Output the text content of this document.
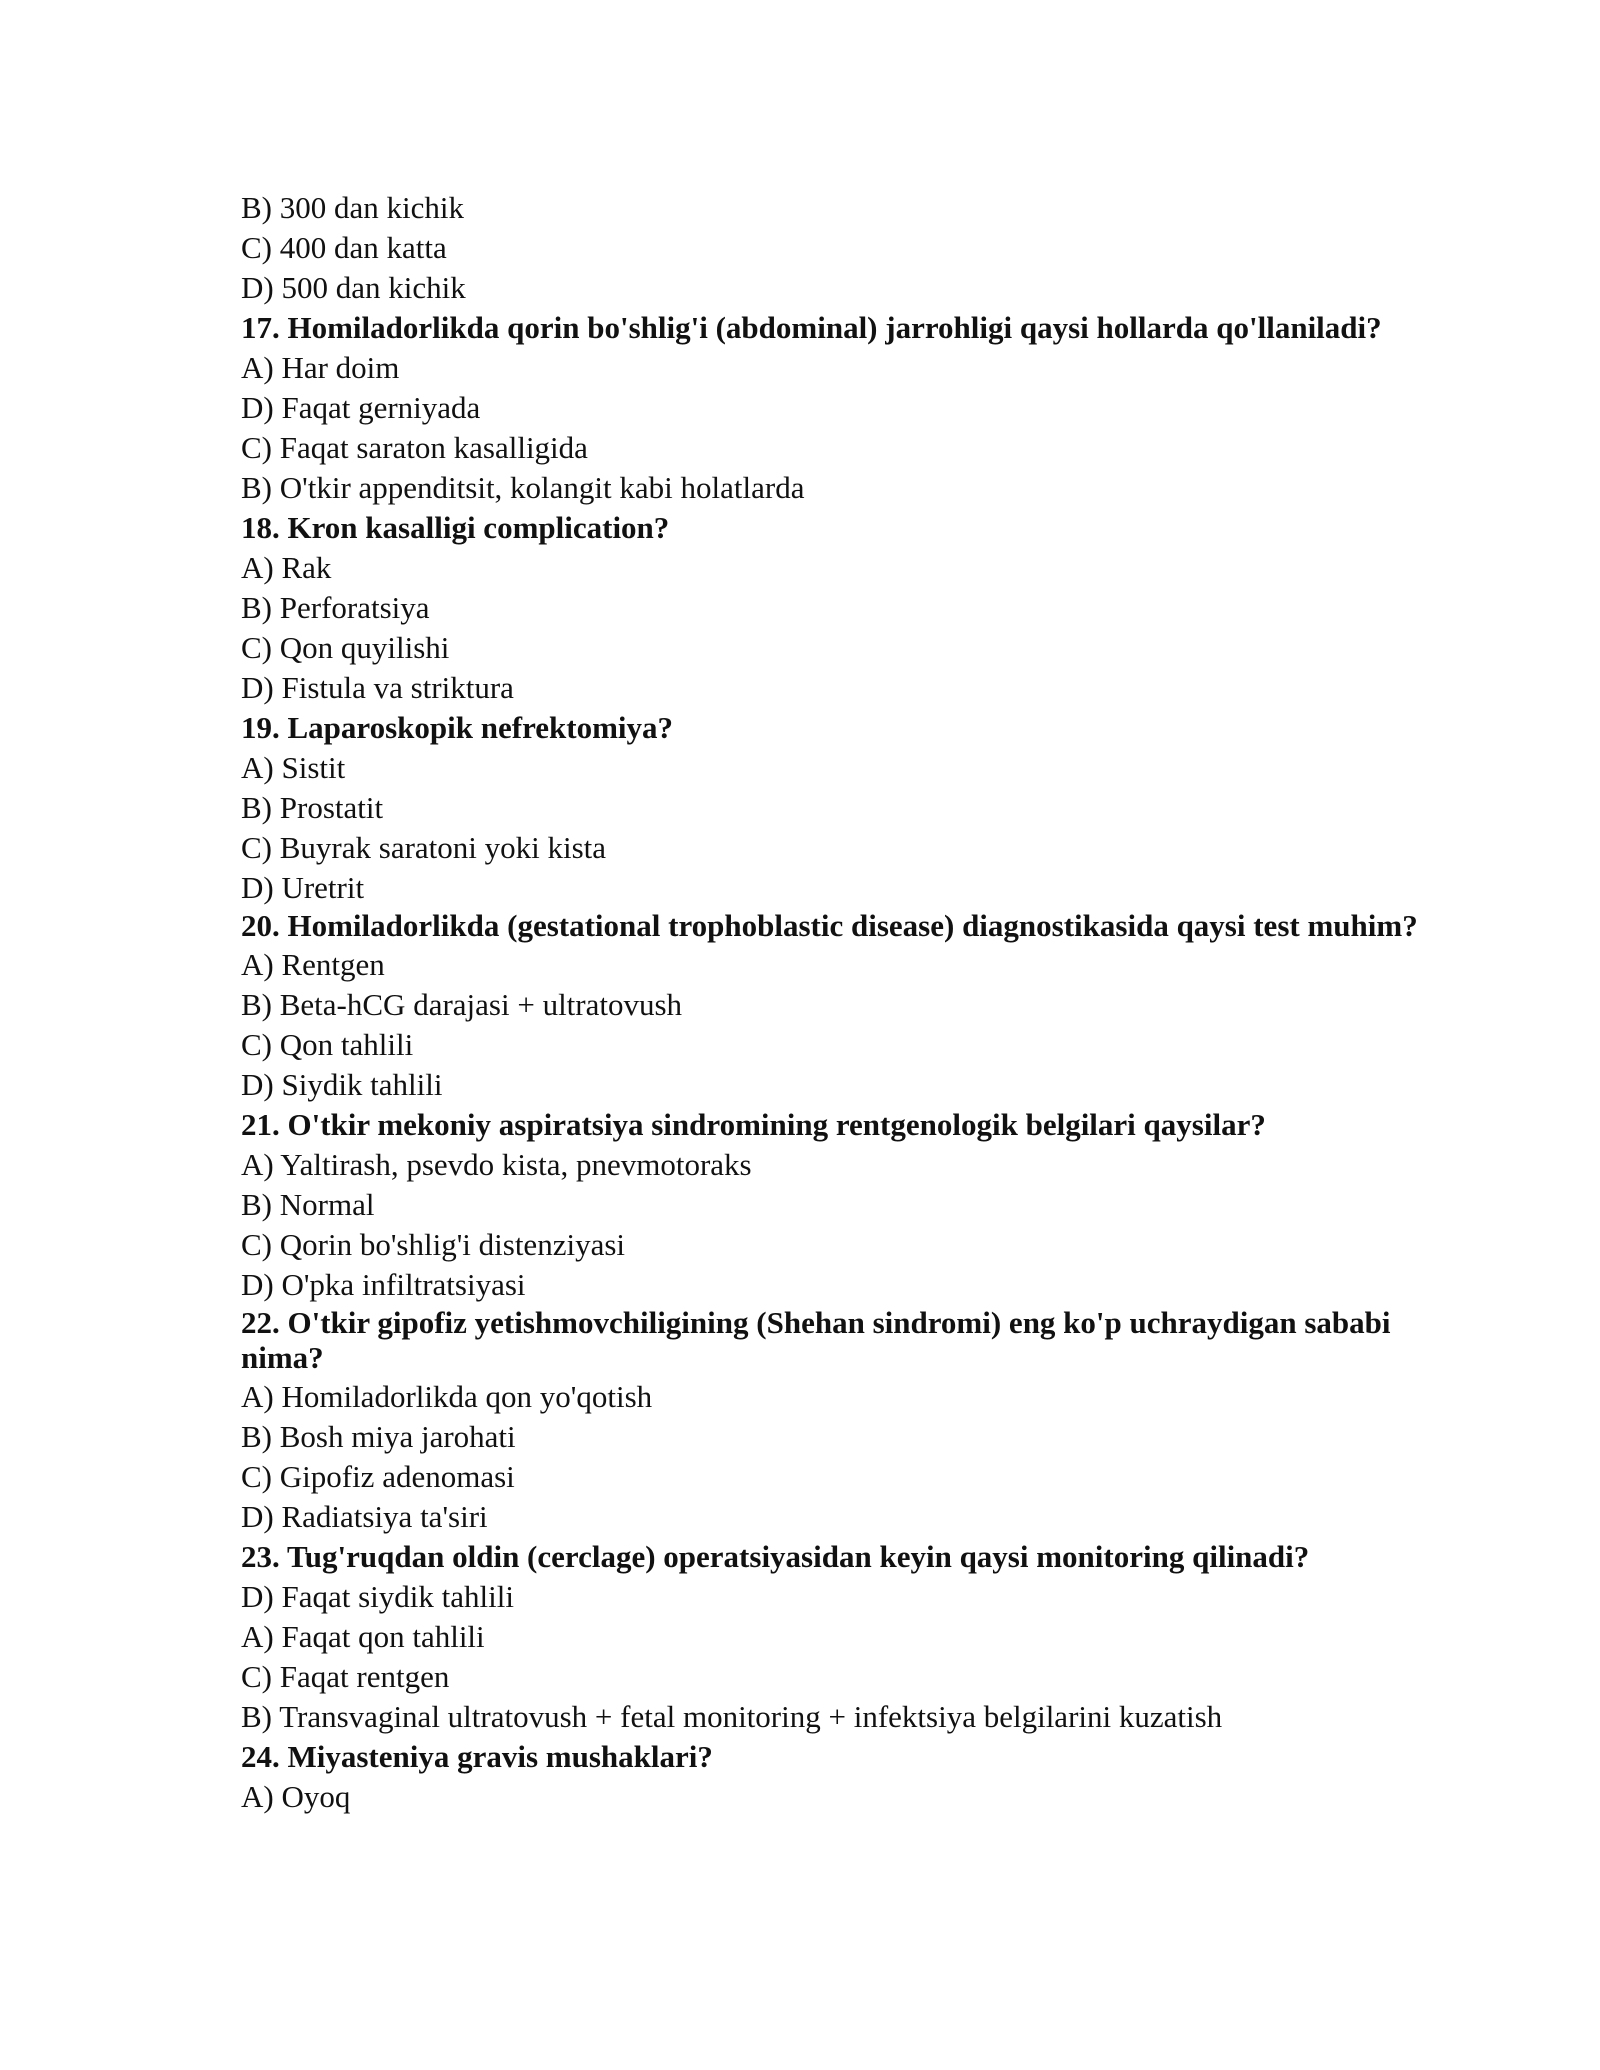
B) 300 dan kichik
C) 400 dan katta
D) 500 dan kichik
17. Homiladorlikda qorin bo'shlig'i (abdominal) jarrohligi qaysi hollarda qo'llaniladi?
A) Har doim
D) Faqat gerniyada
C) Faqat saraton kasalligida
B) O'tkir appenditsit, kolangit kabi holatlarda
18. Kron kasalligi complication?
A) Rak
B) Perforatsiya
C) Qon quyilishi
D) Fistula va striktura
19. Laparoskopik nefrektomiya?
A) Sistit
B) Prostatit
C) Buyrak saratoni yoki kista
D) Uretrit
20. Homiladorlikda (gestational trophoblastic disease) diagnostikasida qaysi test muhim?
A) Rentgen
B) Beta-hCG darajasi + ultratovush
C) Qon tahlili
D) Siydik tahlili
21. O'tkir mekoniy aspiratsiya sindromining rentgenologik belgilari qaysilar?
A) Yaltirash, psevdo kista, pnevmotoraks
B) Normal
C) Qorin bo'shlig'i distenziyasi
D) O'pka infiltratsiyasi
22. O'tkir gipofiz yetishmovchiligining (Shehan sindromi) eng ko'p uchraydigan sababi nima?
A) Homiladorlikda qon yo'qotish
B) Bosh miya jarohati
C) Gipofiz adenomasi
D) Radiatsiya ta'siri
23. Tug'ruqdan oldin (cerclage) operatsiyasidan keyin qaysi monitoring qilinadi?
D) Faqat siydik tahlili
A) Faqat qon tahlili
C) Faqat rentgen
B) Transvaginal ultratovush + fetal monitoring + infektsiya belgilarini kuzatish
24. Miyasteniya gravis mushaklari?
A) Oyoq
